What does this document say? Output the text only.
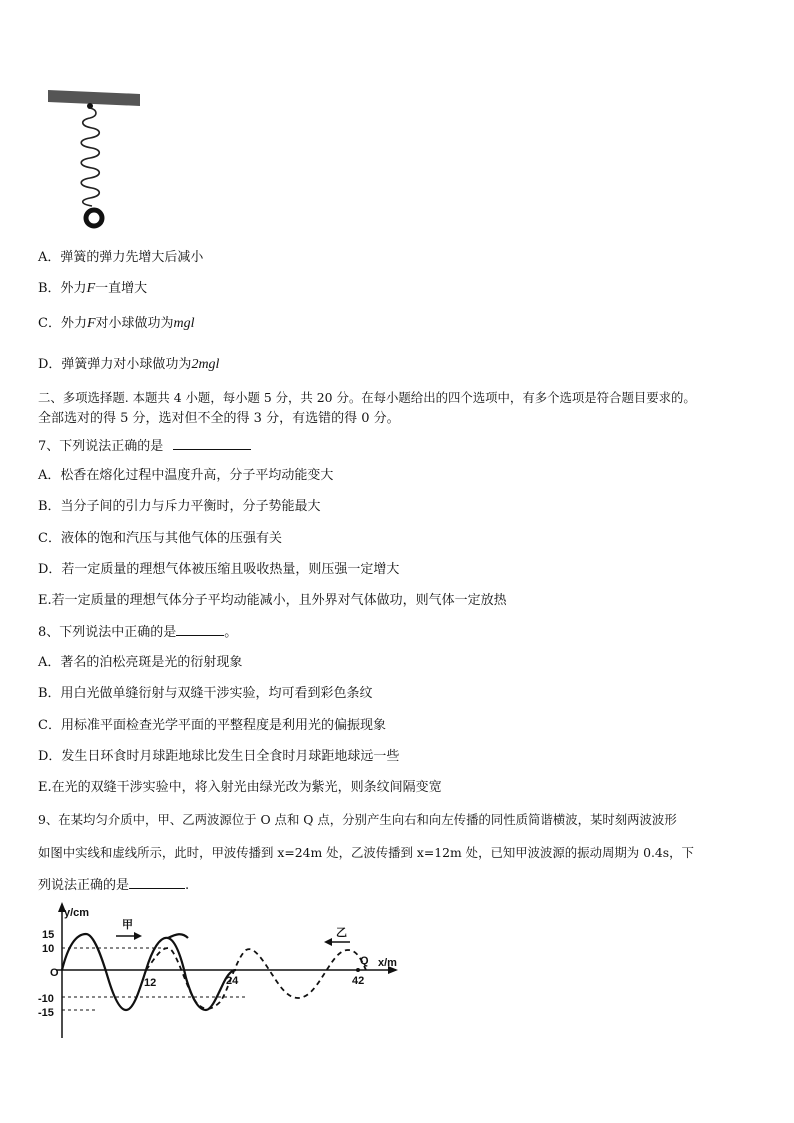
A．弹簧的弹力先增大后减小
B．外力F一直增大
C．外力F对小球做功为mgl
D．弹簧弹力对小球做功为2mgl
二、多项选择题. 本题共 4 小题，每小题 5 分，共 20 分。在每小题给出的四个选项中，有多个选项是符合题目要求的。
全部选对的得 5 分，选对但不全的得 3 分，有选错的得 0 分。
7、下列说法正确的是
A．松香在熔化过程中温度升高，分子平均动能变大
B．当分子间的引力与斥力平衡时，分子势能最大
C．液体的饱和汽压与其他气体的压强有关
D．若一定质量的理想气体被压缩且吸收热量，则压强一定增大
E.若一定质量的理想气体分子平均动能减小，且外界对气体做功，则气体一定放热
8、下列说法中正确的是	。
A．著名的泊松亮斑是光的衍射现象
B．用白光做单缝衍射与双缝干涉实验，均可看到彩色条纹
C．用标准平面检查光学平面的平整程度是利用光的偏振现象
D．发生日环食时月球距地球比发生日全食时月球距地球远一些
E.在光的双缝干涉实验中，将入射光由绿光改为紫光，则条纹间隔变宽
9、在某均匀介质中，甲、乙两波源位于 O 点和 Q 点，分别产生向右和向左传播的同性质简谐横波，某时刻两波波形
如图中实线和虚线所示，此时，甲波传播到 x=24m 处，乙波传播到 x=12m 处，已知甲波波源的振动周期为 0.4s，下
列说法正确的是	.
y/cm
x/m
O
Q
15
10
-10
-15
12	24	42
甲
乙
